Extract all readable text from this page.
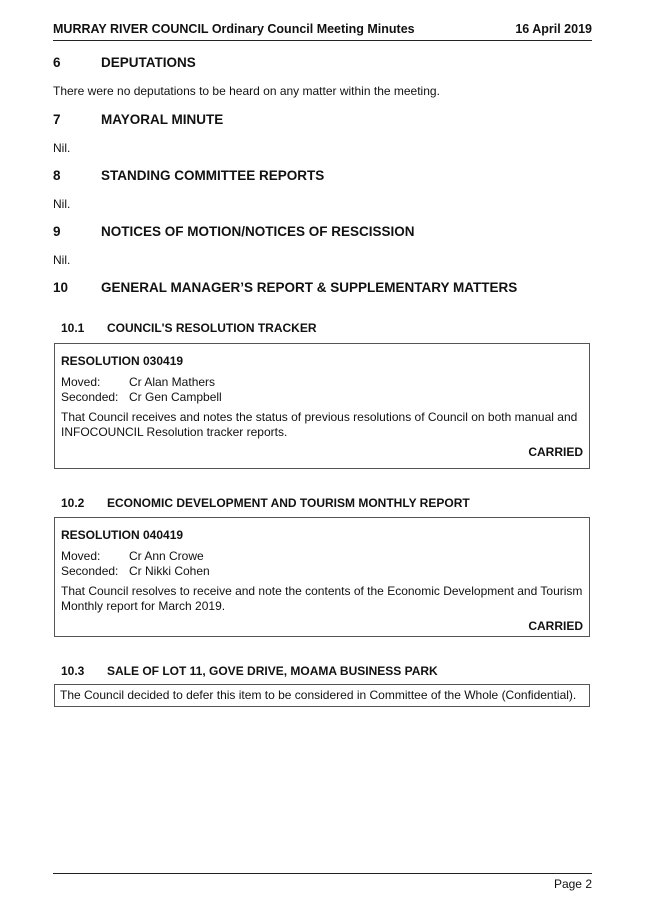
MURRAY RIVER COUNCIL Ordinary Council Meeting Minutes	16 April 2019
6	DEPUTATIONS
There were no deputations to be heard on any matter within the meeting.
7	MAYORAL MINUTE
Nil.
8	STANDING COMMITTEE REPORTS
Nil.
9	NOTICES OF MOTION/NOTICES OF RESCISSION
Nil.
10	GENERAL MANAGER’S REPORT & SUPPLEMENTARY MATTERS
10.1	COUNCIL'S RESOLUTION TRACKER
RESOLUTION 030419
Moved:	Cr Alan Mathers
Seconded: Cr Gen Campbell
That Council receives and notes the status of previous resolutions of Council on both manual and INFOCOUNCIL Resolution tracker reports.
CARRIED
10.2	ECONOMIC DEVELOPMENT AND TOURISM MONTHLY REPORT
RESOLUTION 040419
Moved:	Cr Ann Crowe
Seconded: Cr Nikki Cohen
That Council resolves to receive and note the contents of the Economic Development and Tourism Monthly report for March 2019.
CARRIED
10.3	SALE OF LOT 11, GOVE DRIVE, MOAMA BUSINESS PARK
The Council decided to defer this item to be considered in Committee of the Whole (Confidential).
Page 2
